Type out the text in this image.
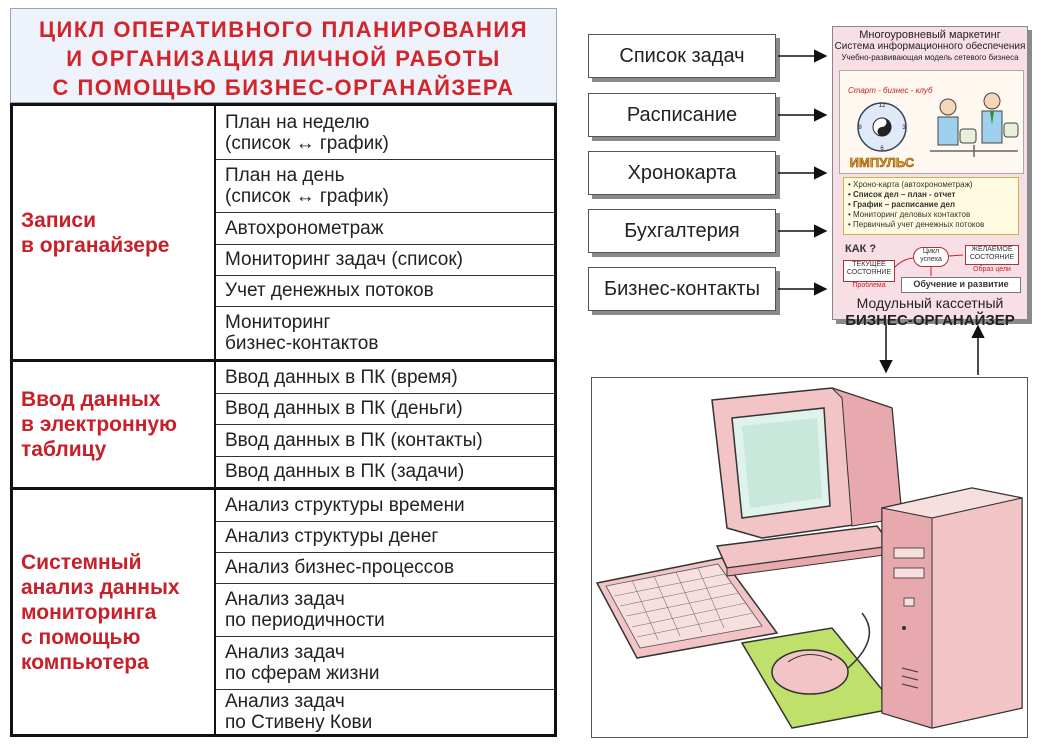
ЦИКЛ ОПЕРАТИВНОГО ПЛАНИРОВАНИЯ
И ОРГАНИЗАЦИЯ ЛИЧНОЙ РАБОТЫ
С ПОМОЩЬЮ БИЗНЕС-ОРГАНАЙЗЕРА
Записи
в органайзере
План на неделю
(список ↔ график)
План на день
(список ↔ график)
Автохронометраж
Мониторинг задач (список)
Учет денежных потоков
Мониторинг
бизнес-контактов
Ввод данных
в электронную
таблицу
Ввод данных в ПК (время)
Ввод данных в ПК (деньги)
Ввод данных в ПК (контакты)
Ввод данных в ПК (задачи)
Системный
анализ данных
мониторинга
с помощью
компьютера
Анализ структуры времени
Анализ структуры денег
Анализ бизнес-процессов
Анализ задач
по периодичности
Анализ задач
по сферам жизни
Анализ задач
по Стивену Кови
Список задач
Расписание
Хронокарта
Бухгалтерия
Бизнес-контакты
Многоуровневый маркетинг
Система информационного обеспечения
Учебно-развивающая модель сетевого бизнеса
Старт - бизнес - клуб
12
3
6
9
ИМПУЛЬС
• Хроно-карта (автохронометраж)
• Список дел – план - отчет
• График – расписание дел
• Мониторинг деловых контактов
• Первичный учет денежных потоков
КАК ?
ТЕКУЩЕЕ
СОСТОЯНИЕ
Проблема
Цикл
успеха
ЖЕЛАЕМОЕ
СОСТОЯНИЕ
Образ цели
Обучение и развитие
Модульный кассетный
БИЗНЕС-ОРГАНАЙЗЕР
